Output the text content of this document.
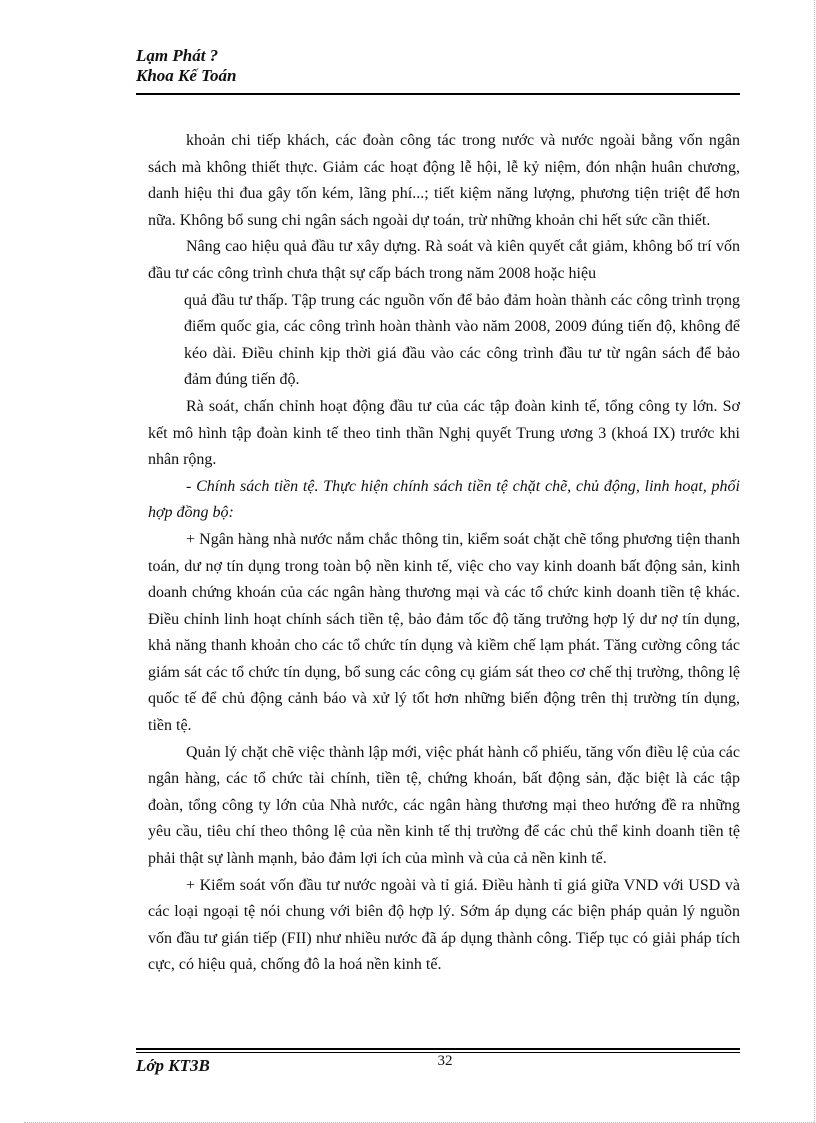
Lạm Phát ?
Khoa Kế Toán

khoản chi tiếp khách, các đoàn công tác trong nước và nước ngoài bằng vốn ngân sách mà không thiết thực. Giảm các hoạt động lễ hội, lễ kỷ niệm, đón nhận huân chương, danh hiệu thi đua gây tốn kém, lãng phí...; tiết kiệm năng lượng, phương tiện triệt để hơn nữa. Không bổ sung chi ngân sách ngoài dự toán, trừ những khoản chi hết sức cần thiết.

Nâng cao hiệu quả đầu tư xây dựng. Rà soát và kiên quyết cắt giảm, không bố trí vốn đầu tư các công trình chưa thật sự cấp bách trong năm 2008 hoặc hiệu

quả đầu tư thấp. Tập trung các nguồn vốn để bảo đảm hoàn thành các công trình trọng điểm quốc gia, các công trình hoàn thành vào năm 2008, 2009 đúng tiến độ, không để kéo dài. Điều chỉnh kịp thời giá đầu vào các công trình đầu tư từ ngân sách để bảo đảm đúng tiến độ.

Rà soát, chấn chỉnh hoạt động đầu tư của các tập đoàn kinh tế, tổng công ty lớn. Sơ kết mô hình tập đoàn kinh tế theo tinh thần Nghị quyết Trung ương 3 (khoá IX) trước khi nhân rộng.

- Chính sách tiền tệ. Thực hiện chính sách tiền tệ chặt chẽ, chủ động, linh hoạt, phối hợp đồng bộ:

+ Ngân hàng nhà nước nắm chắc thông tin, kiểm soát chặt chẽ tổng phương tiện thanh toán, dư nợ tín dụng trong toàn bộ nền kinh tế, việc cho vay kinh doanh bất động sản, kinh doanh chứng khoán của các ngân hàng thương mại và các tổ chức kinh doanh tiền tệ khác. Điều chỉnh linh hoạt chính sách tiền tệ, bảo đảm tốc độ tăng trưởng hợp lý dư nợ tín dụng, khả năng thanh khoản cho các tổ chức tín dụng và kiềm chế lạm phát. Tăng cường công tác giám sát các tổ chức tín dụng, bổ sung các công cụ giám sát theo cơ chế thị trường, thông lệ quốc tế để chủ động cảnh báo và xử lý tốt hơn những biến động trên thị trường tín dụng, tiền tệ.

Quản lý chặt chẽ việc thành lập mới, việc phát hành cổ phiếu, tăng vốn điều lệ của các ngân hàng, các tổ chức tài chính, tiền tệ, chứng khoán, bất động sản, đặc biệt là các tập đoàn, tổng công ty lớn của Nhà nước, các ngân hàng thương mại theo hướng đề ra những yêu cầu, tiêu chí theo thông lệ của nền kinh tế thị trường để các chủ thể kinh doanh tiền tệ phải thật sự lành mạnh, bảo đảm lợi ích của mình và của cả nền kinh tế.

+ Kiểm soát vốn đầu tư nước ngoài và tỉ giá. Điều hành tỉ giá giữa VND với USD và các loại ngoại tệ nói chung với biên độ hợp lý. Sớm áp dụng các biện pháp quản lý nguồn vốn đầu tư gián tiếp (FII) như nhiều nước đã áp dụng thành công. Tiếp tục có giải pháp tích cực, có hiệu quả, chống đô la hoá nền kinh tế.

32
Lớp KT3B
